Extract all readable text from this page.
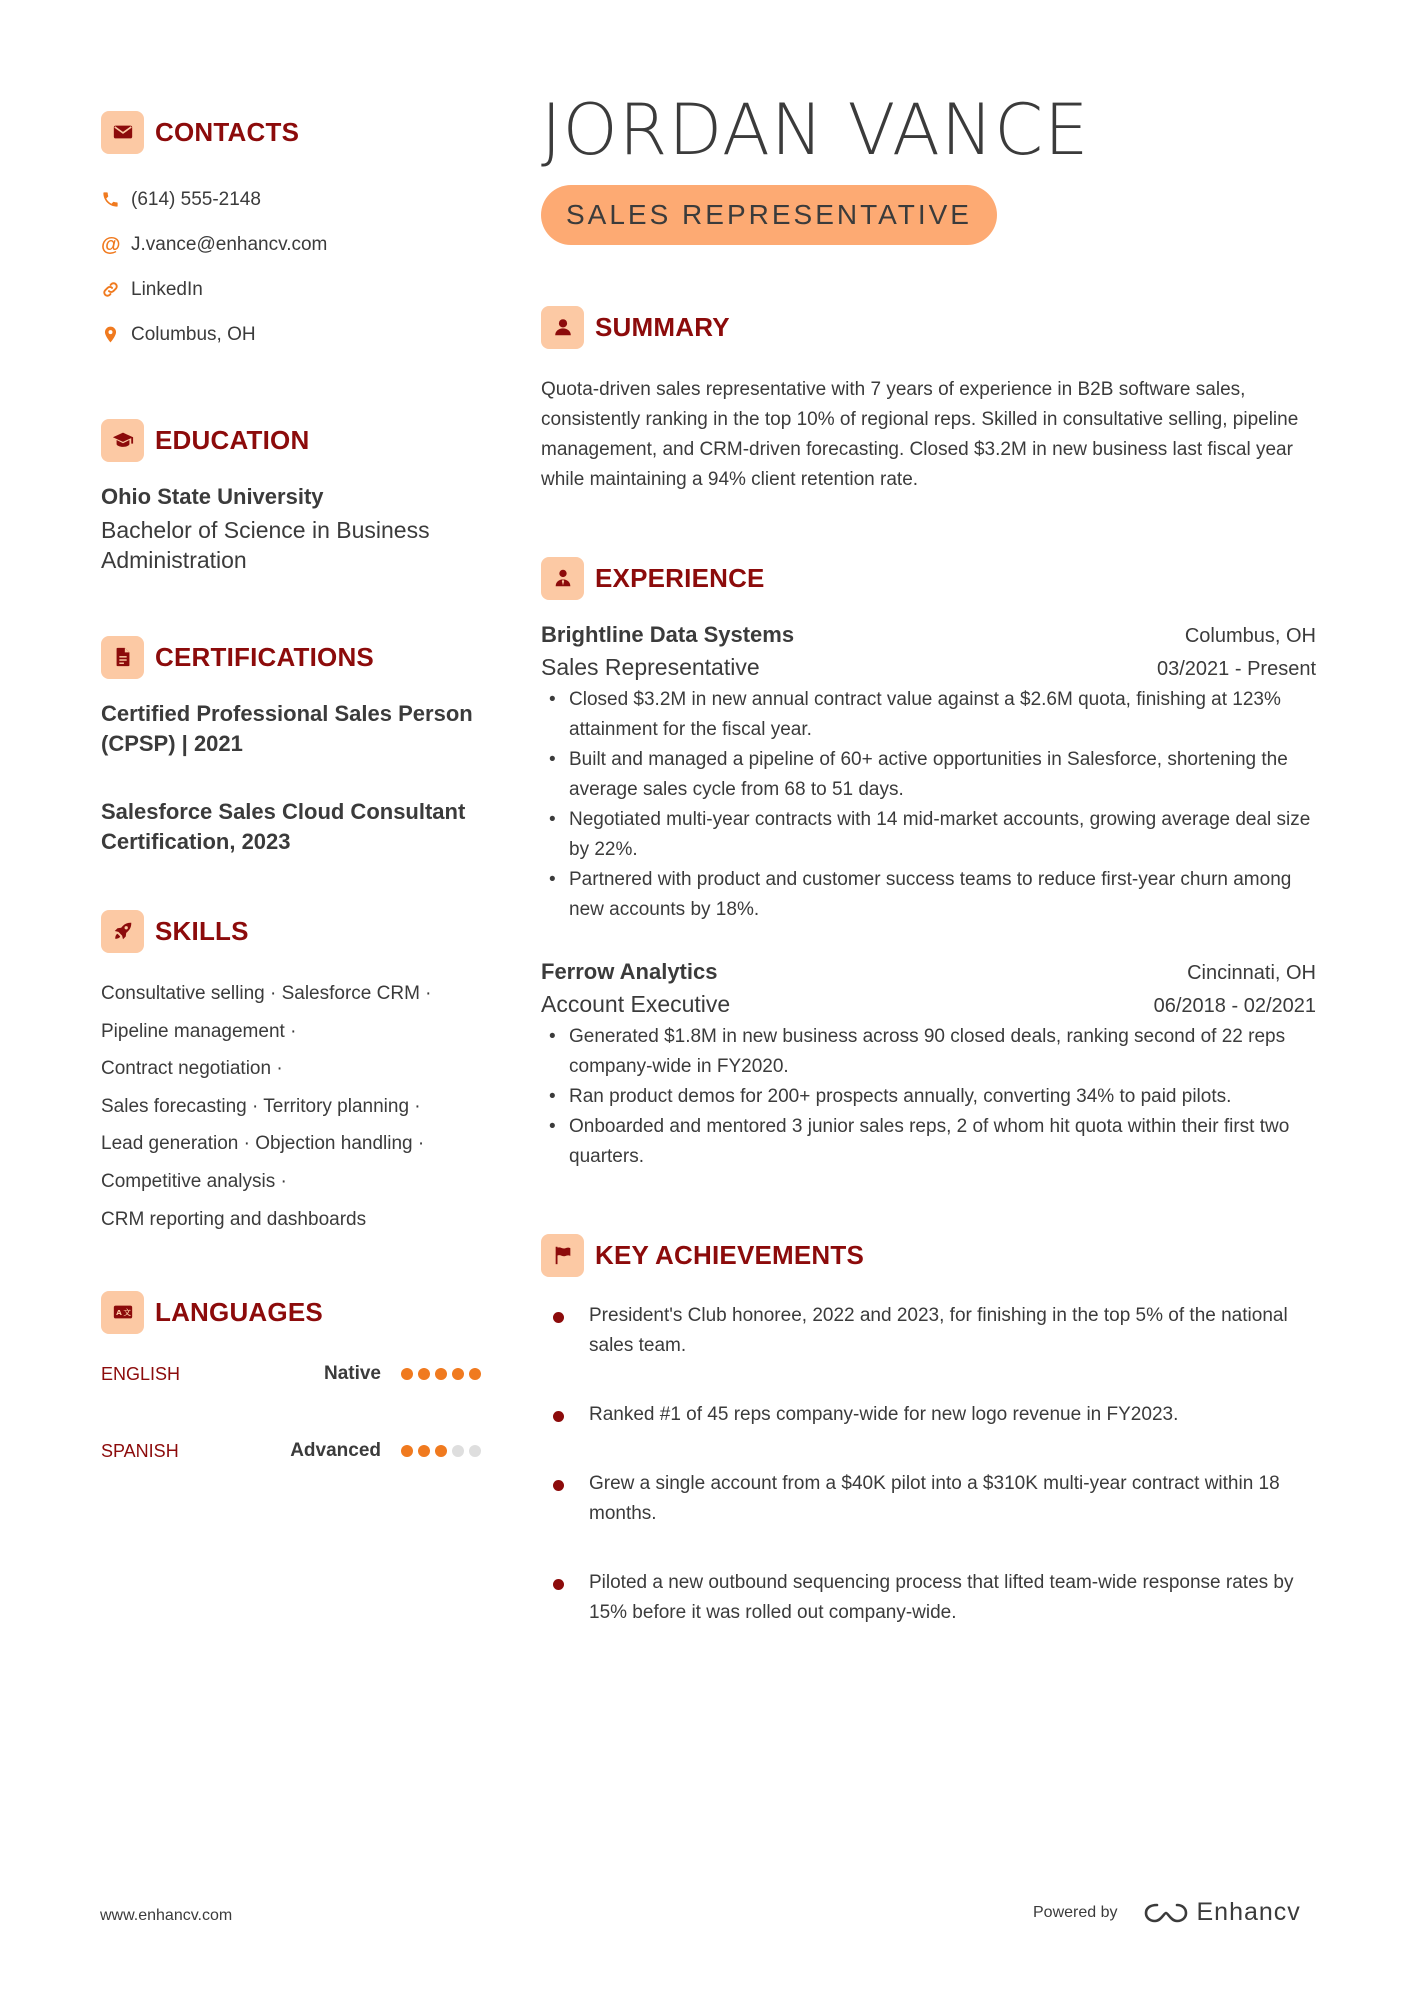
CONTACTS
(614) 555-2148
@ J.vance@enhancv.com
LinkedIn
Columbus, OH
EDUCATION
Ohio State University
Bachelor of Science in Business Administration
CERTIFICATIONS
Certified Professional Sales Person (CPSP) | 2021
Salesforce Sales Cloud Consultant Certification, 2023
SKILLS
Consultative selling · Salesforce CRM ·
Pipeline management ·
Contract negotiation ·
Sales forecasting · Territory planning ·
Lead generation · Objection handling ·
Competitive analysis ·
CRM reporting and dashboards
A 文 LANGUAGES
ENGLISH	Native
SPANISH	Advanced
JORDAN VANCE
SALES REPRESENTATIVE
SUMMARY
Quota-driven sales representative with 7 years of experience in B2B software sales, consistently ranking in the top 10% of regional reps. Skilled in consultative selling, pipeline management, and CRM-driven forecasting. Closed $3.2M in new business last fiscal year while maintaining a 94% client retention rate.
EXPERIENCE
Brightline Data Systems	Columbus, OH
Sales Representative	03/2021 - Present
• Closed $3.2M in new annual contract value against a $2.6M quota, finishing at 123% attainment for the fiscal year.
• Built and managed a pipeline of 60+ active opportunities in Salesforce, shortening the average sales cycle from 68 to 51 days.
• Negotiated multi-year contracts with 14 mid-market accounts, growing average deal size by 22%.
• Partnered with product and customer success teams to reduce first-year churn among new accounts by 18%.
Ferrow Analytics	Cincinnati, OH
Account Executive	06/2018 - 02/2021
• Generated $1.8M in new business across 90 closed deals, ranking second of 22 reps company-wide in FY2020.
• Ran product demos for 200+ prospects annually, converting 34% to paid pilots.
• Onboarded and mentored 3 junior sales reps, 2 of whom hit quota within their first two quarters.
KEY ACHIEVEMENTS
President's Club honoree, 2022 and 2023, for finishing in the top 5% of the national sales team.
Ranked #1 of 45 reps company-wide for new logo revenue in FY2023.
Grew a single account from a $40K pilot into a $310K multi-year contract within 18 months.
Piloted a new outbound sequencing process that lifted team-wide response rates by 15% before it was rolled out company-wide.
www.enhancv.com	Powered by	Enhancv
